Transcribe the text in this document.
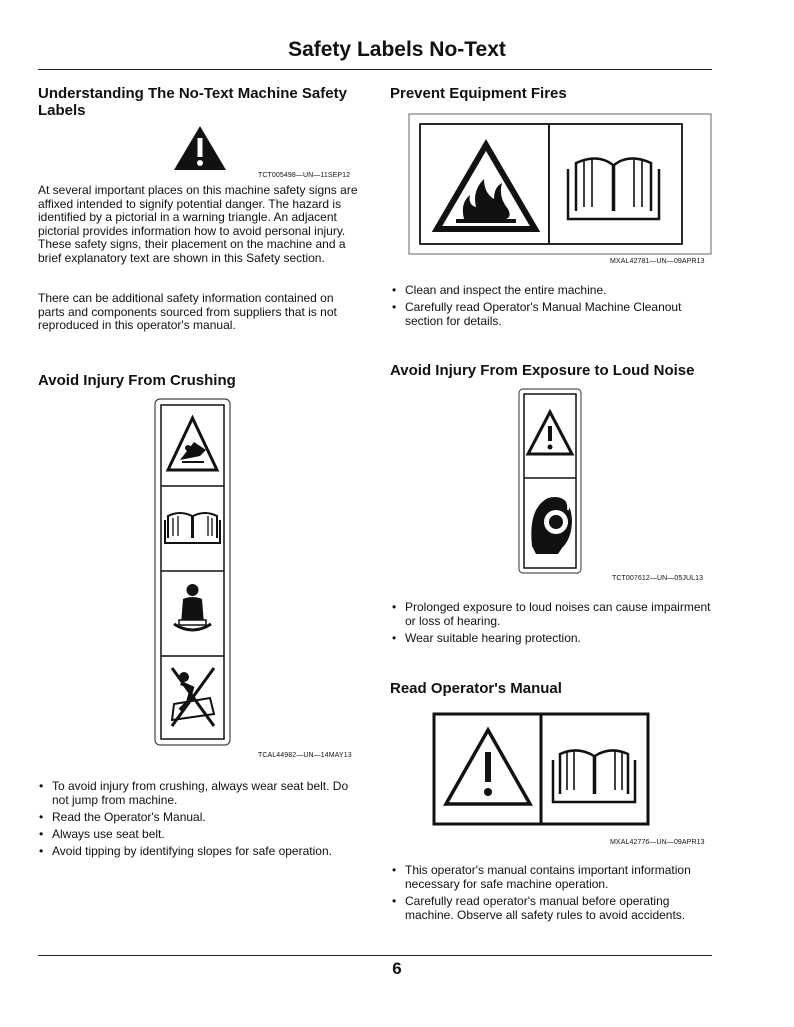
Safety Labels No-Text
Understanding The No-Text Machine Safety Labels
TCT005498—UN—11SEP12
At several important places on this machine safety signs are affixed intended to signify potential danger. The hazard is identified by a pictorial in a warning triangle. An adjacent pictorial provides information how to avoid personal injury. These safety signs, their placement on the machine and a brief explanatory text are shown in this Safety section.
There can be additional safety information contained on parts and components sourced from suppliers that is not reproduced in this operator's manual.
Avoid Injury From Crushing
TCAL44982—UN—14MAY13
• To avoid injury from crushing, always wear seat belt. Do not jump from machine.
• Read the Operator's Manual.
• Always use seat belt.
• Avoid tipping by identifying slopes for safe operation.
Prevent Equipment Fires
MXAL42781—UN—09APR13
• Clean and inspect the entire machine.
• Carefully read Operator's Manual Machine Cleanout section for details.
Avoid Injury From Exposure to Loud Noise
TCT007612—UN—05JUL13
• Prolonged exposure to loud noises can cause impairment or loss of hearing.
• Wear suitable hearing protection.
Read Operator's Manual
MXAL42776—UN—09APR13
• This operator's manual contains important information necessary for safe machine operation.
• Carefully read operator's manual before operating machine. Observe all safety rules to avoid accidents.
6
